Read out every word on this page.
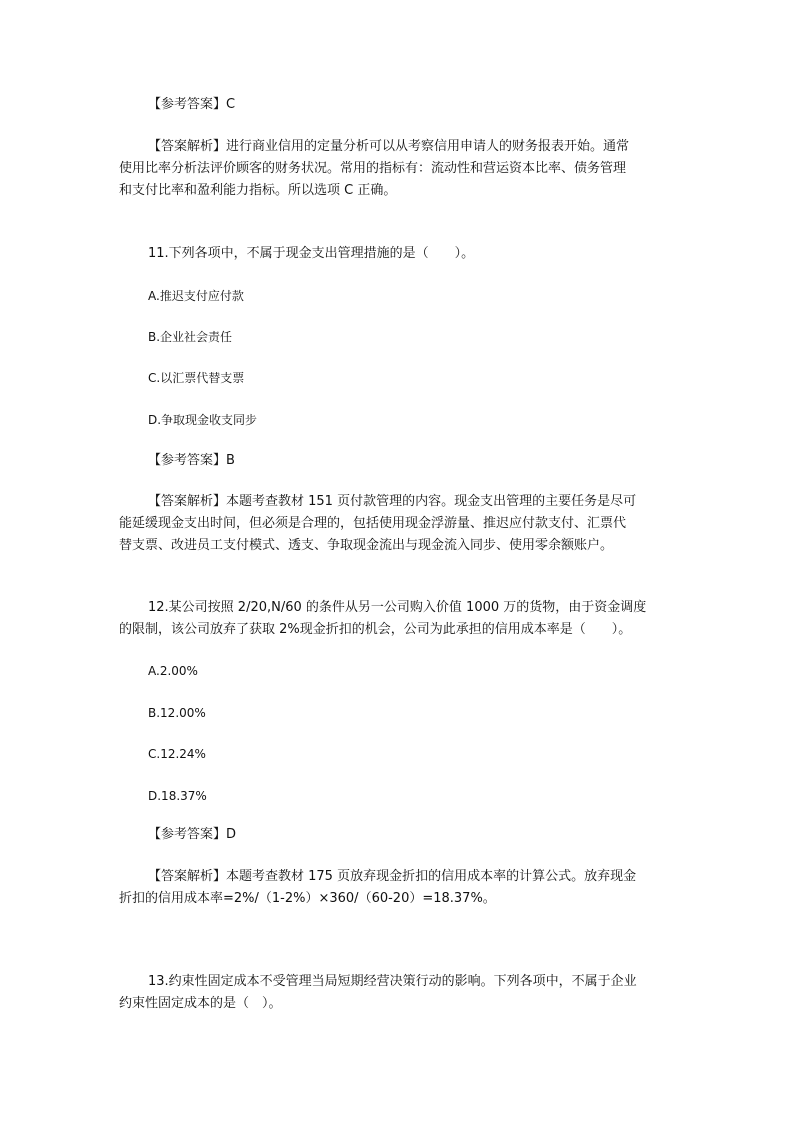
【参考答案】C

【答案解析】进行商业信用的定量分析可以从考察信用申请人的财务报表开始。通常

使用比率分析法评价顾客的财务状况。常用的指标有：流动性和营运资本比率、债务管理

和支付比率和盈利能力指标。所以选项 C 正确。

11.下列各项中，不属于现金支出管理措施的是（　　）。

A.推迟支付应付款

B.企业社会责任

C.以汇票代替支票

D.争取现金收支同步

【参考答案】B

【答案解析】本题考查教材 151 页付款管理的内容。现金支出管理的主要任务是尽可

能延缓现金支出时间，但必须是合理的，包括使用现金浮游量、推迟应付款支付、汇票代

替支票、改进员工支付模式、透支、争取现金流出与现金流入同步、使用零余额账户。

12.某公司按照 2/20,N/60 的条件从另一公司购入价值 1000 万的货物，由于资金调度

的限制，该公司放弃了获取 2%现金折扣的机会，公司为此承担的信用成本率是（　　）。

A.2.00%

B.12.00%

C.12.24%

D.18.37%

【参考答案】D

【答案解析】本题考查教材 175 页放弃现金折扣的信用成本率的计算公式。放弃现金

折扣的信用成本率=2%/（1-2%）×360/（60-20）=18.37%。

13.约束性固定成本不受管理当局短期经营决策行动的影响。下列各项中，不属于企业

约束性固定成本的是（　）。
